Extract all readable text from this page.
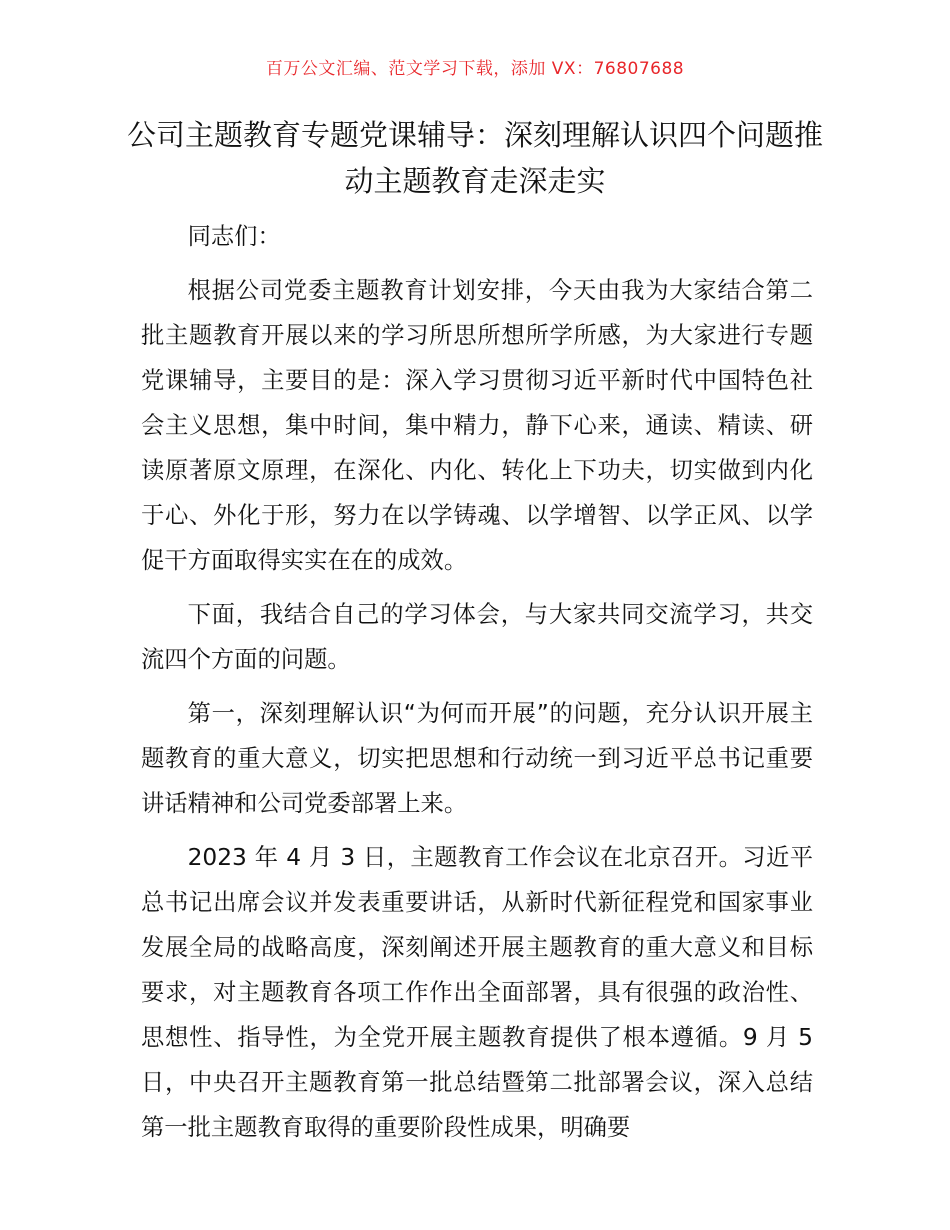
百万公文汇编、范文学习下载，添加 VX：76807688
公司主题教育专题党课辅导：深刻理解认识四个问题推动主题教育走深走实

同志们：

根据公司党委主题教育计划安排，今天由我为大家结合第二批主题教育开展以来的学习所思所想所学所感，为大家进行专题党课辅导，主要目的是：深入学习贯彻习近平新时代中国特色社会主义思想，集中时间，集中精力，静下心来，通读、精读、研读原著原文原理，在深化、内化、转化上下功夫，切实做到内化于心、外化于形，努力在以学铸魂、以学增智、以学正风、以学促干方面取得实实在在的成效。

下面，我结合自己的学习体会，与大家共同交流学习，共交流四个方面的问题。

第一，深刻理解认识“为何而开展”的问题，充分认识开展主题教育的重大意义，切实把思想和行动统一到习近平总书记重要讲话精神和公司党委部署上来。

2023 年 4 月 3 日，主题教育工作会议在北京召开。习近平总书记出席会议并发表重要讲话，从新时代新征程党和国家事业发展全局的战略高度，深刻阐述开展主题教育的重大意义和目标要求，对主题教育各项工作作出全面部署，具有很强的政治性、思想性、指导性，为全党开展主题教育提供了根本遵循。9 月 5 日，中央召开主题教育第一批总结暨第二批部署会议，深入总结第一批主题教育取得的重要阶段性成果，明确要
